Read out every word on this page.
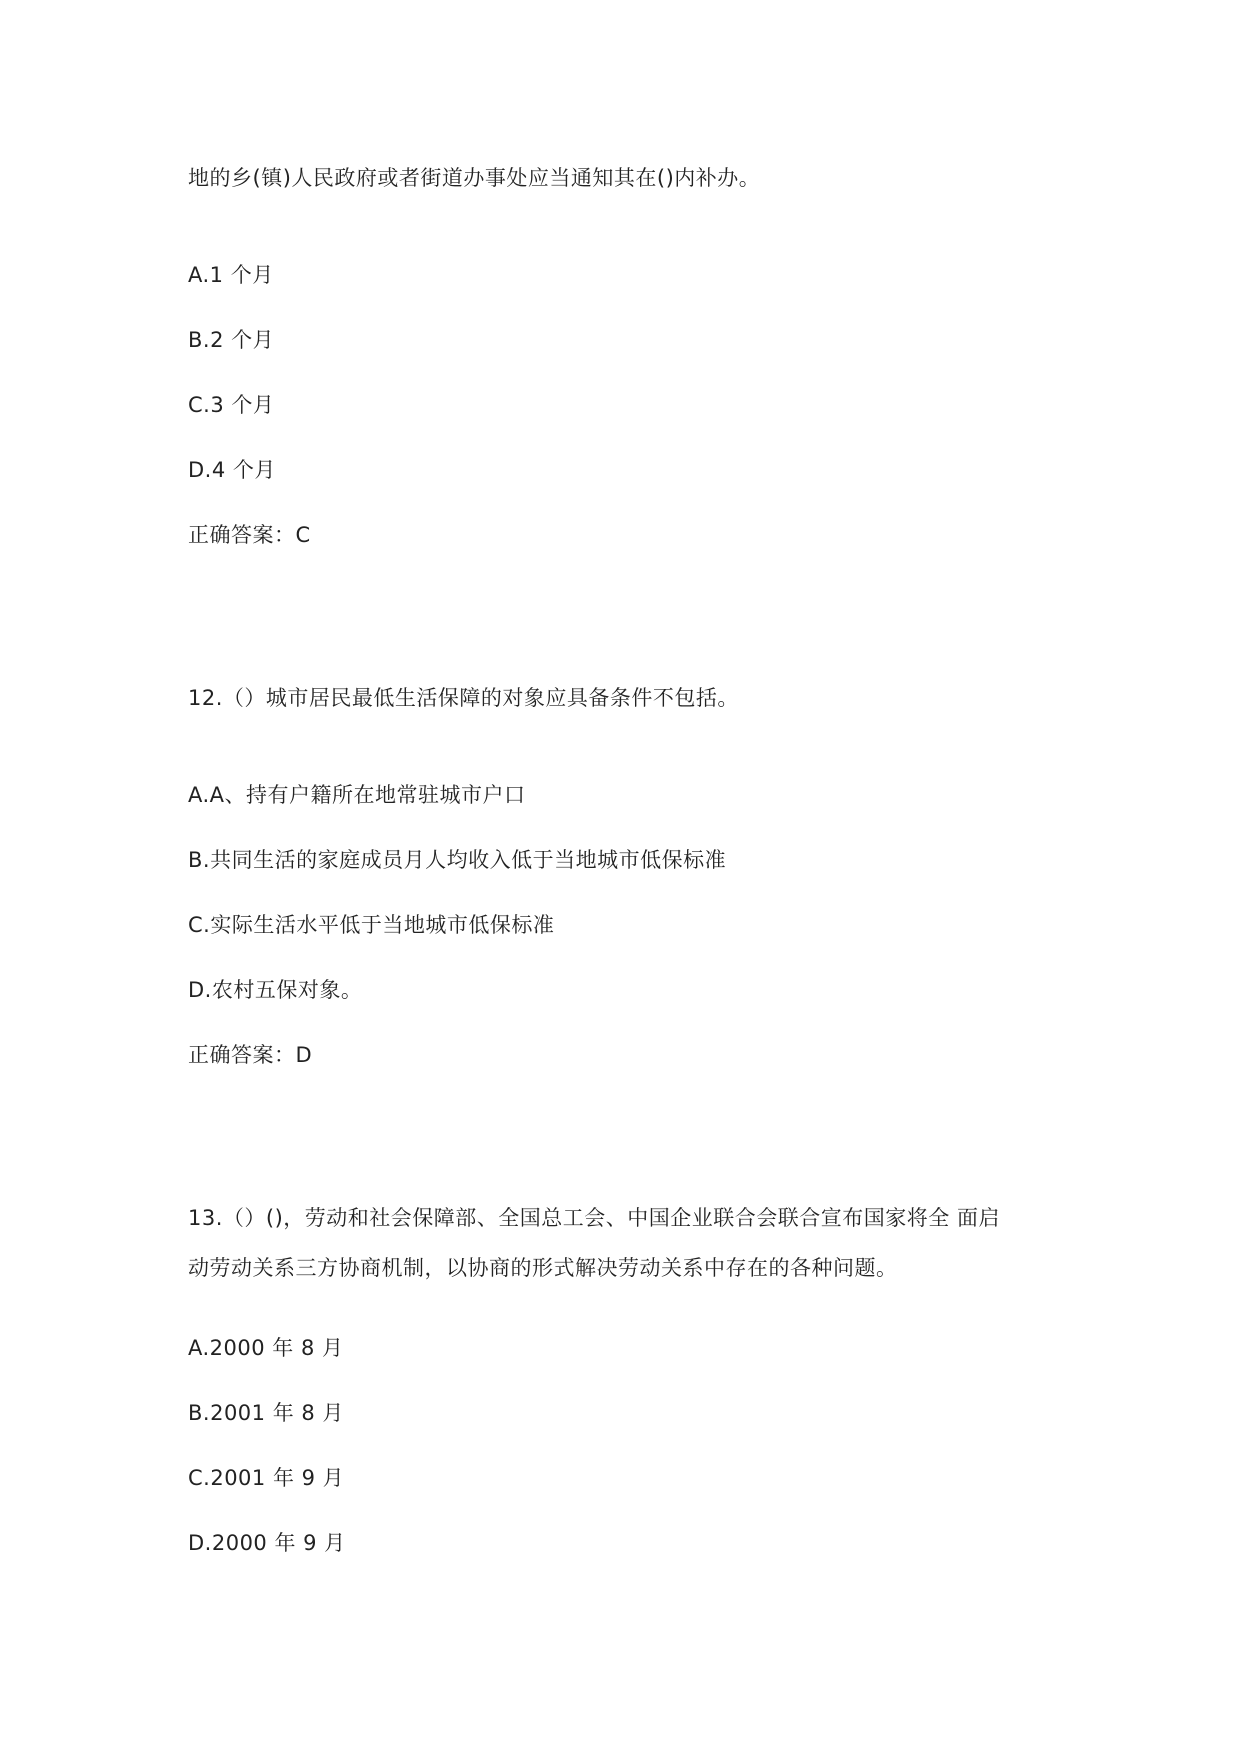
地的乡(镇)人民政府或者街道办事处应当通知其在()内补办。
A.1 个月
B.2 个月
C.3 个月
D.4 个月
正确答案：C
12.（）城市居民最低生活保障的对象应具备条件不包括。
A.A、持有户籍所在地常驻城市户口
B.共同生活的家庭成员月人均收入低于当地城市低保标准
C.实际生活水平低于当地城市低保标准
D.农村五保对象。
正确答案：D
13.（）()，劳动和社会保障部、全国总工会、中国企业联合会联合宣布国家将全 面启
动劳动关系三方协商机制，以协商的形式解决劳动关系中存在的各种问题。
A.2000 年 8 月
B.2001 年 8 月
C.2001 年 9 月
D.2000 年 9 月
